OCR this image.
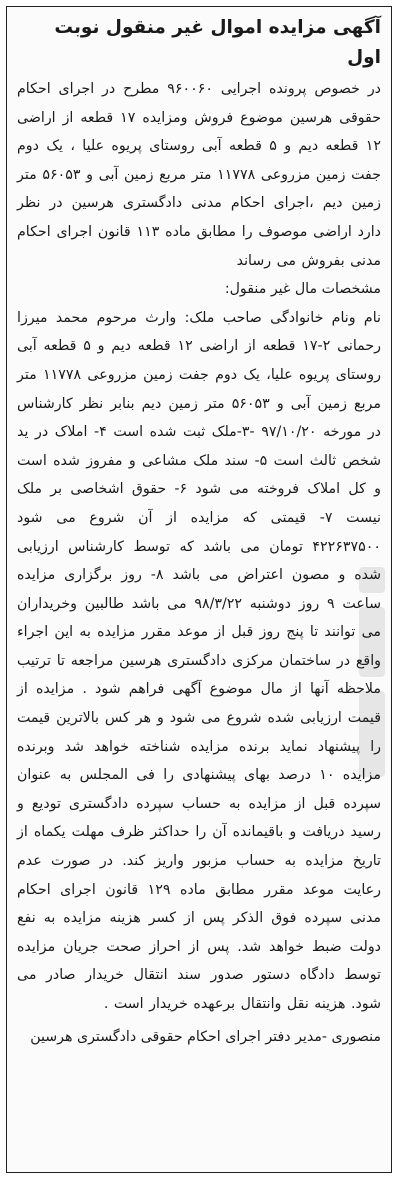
آگهی مزایده اموال غیر منقول نوبت اول

در خصوص پرونده اجرایی ۹۶۰۰۶۰ مطرح در اجرای احکام حقوقی هرسین موضوع فروش ومزایده ۱۷ قطعه از اراضی ۱۲ قطعه دیم و ۵ قطعه آبی روستای پریوه علیا ، یک دوم جفت زمین مزروعی ۱۱۷۷۸ متر مربع زمین آبی و ۵۶۰۵۳ متر زمین دیم ،اجرای احکام مدنی دادگستری هرسین در نظر دارد اراضی موصوف را مطابق ماده ۱۱۳ قانون اجرای احکام مدنی بفروش می رساند

مشخصات مال غیر منقول:

نام ونام خانوادگی صاحب ملک: وارث مرحوم محمد میرزا رحمانی ۲-۱۷ قطعه از اراضی ۱۲ قطعه دیم و ۵ قطعه آبی روستای پریوه علیا، یک دوم جفت زمین مزروعی ۱۱۷۷۸ متر مربع زمین آبی و ۵۶۰۵۳ متر زمین دیم بنابر نظر کارشناس در مورخه ۹۷/۱۰/۲۰ -۳-ملک ثبت شده است ۴- املاک در ید شخص ثالث است ۵- سند ملک مشاعی و مفروز شده است و کل املاک فروخته می شود ۶- حقوق اشخاصی بر ملک نیست ۷- قیمتی که مزایده از آن شروع می شود ۴۲۲۶۳۷۵۰۰ تومان می باشد که توسط کارشناس ارزیابی شده و مصون اعتراض می باشد ۸- روز برگزاری مزایده ساعت ۹ روز دوشنبه ۹۸/۳/۲۲ می باشد طالبین وخریداران می توانند تا پنج روز قبل از موعد مقرر مزایده به این اجراء واقع در ساختمان مرکزی دادگستری هرسین مراجعه تا ترتیب ملاحظه آنها از مال موضوع آگهی فراهم شود . مزایده از قیمت ارزیابی شده شروع می شود و هر کس بالاترین قیمت را پیشنهاد نماید برنده مزایده شناخته خواهد شد وبرنده مزایده ۱۰ درصد بهای پیشنهادی را فی المجلس به عنوان سپرده قبل از مزایده به حساب سپرده دادگستری تودیع و رسید دریافت و باقیمانده آن را حداکثر ظرف مهلت یکماه از تاریخ مزایده به حساب مزبور واریز کند. در صورت عدم رعایت موعد مقرر مطابق ماده ۱۲۹ قانون اجرای احکام مدنی سپرده فوق الذکر پس از کسر هزینه مزایده به نفع دولت ضبط خواهد شد. پس از احراز صحت جریان مزایده توسط دادگاه دستور صدور سند انتقال خریدار صادر می شود. هزینه نقل وانتقال برعهده خریدار است .

منصوری -مدیر دفتر اجرای احکام حقوقی دادگستری هرسین
